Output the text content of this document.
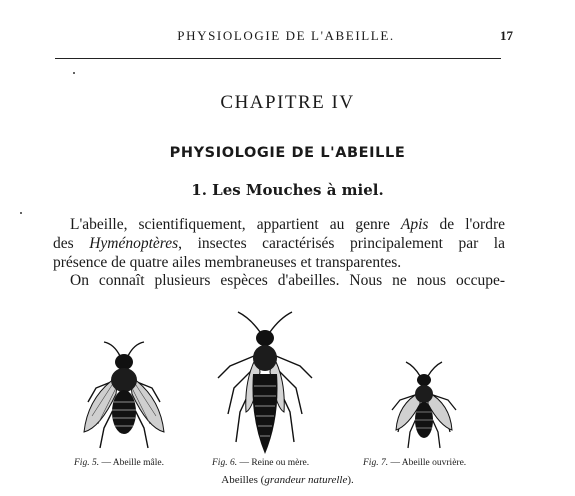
PHYSIOLOGIE DE L'ABEILLE.	17
CHAPITRE IV
PHYSIOLOGIE DE L'ABEILLE
1. Les Mouches à miel.
L'abeille, scientifiquement, appartient au genre Apis de l'ordre
des Hyménoptères, insectes caractérisés principalement par la
présence de quatre ailes membraneuses et transparentes.
On connaît plusieurs espèces d'abeilles. Nous ne nous occupe-
Fig. 5. — Abeille mâle.	Fig. 6. — Reine ou mère.	Fig. 7. — Abeille ouvrière.
Abeilles (grandeur naturelle).
